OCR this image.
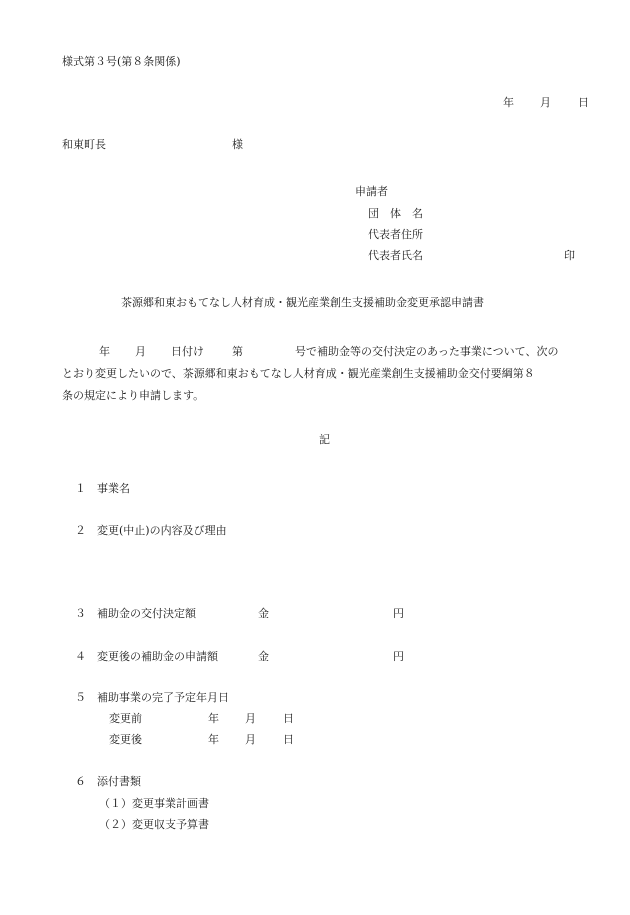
様式第３号(第８条関係)
年 月 日
和東町長	様
申請者
団　体　名
代表者住所
代表者氏名	印
茶源郷和東おもてなし人材育成・観光産業創生支援補助金変更承認申請書
年 月 日付け	第	号で補助金等の交付決定のあった事業について、次の
とおり変更したいので、茶源郷和東おもてなし人材育成・観光産業創生支援補助金交付要綱第８
条の規定により申請します。
記
１ 事業名
２ 変更(中止)の内容及び理由
３ 補助金の交付決定額	金	円
４ 変更後の補助金の申請額	金	円
５ 補助事業の完了予定年月日
変更前	年 月 日
変更後	年 月 日
６ 添付書類
（１）変更事業計画書
（２）変更収支予算書
